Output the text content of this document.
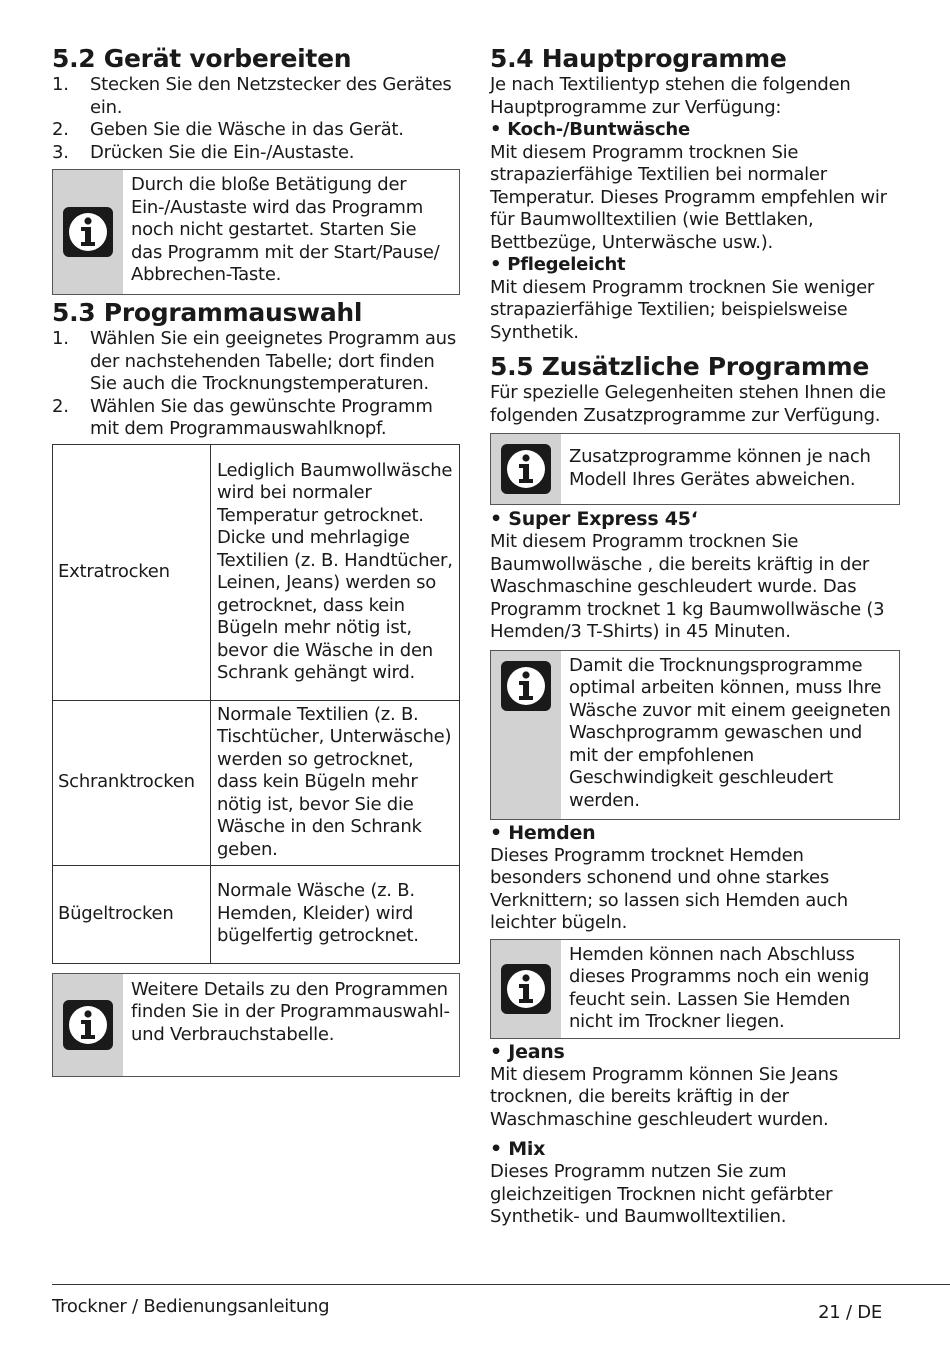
5.2 Gerät vorbereiten
1.	Stecken Sie den Netzstecker des Gerätes ein.
2.	Geben Sie die Wäsche in das Gerät.
3.	Drücken Sie die Ein-/Austaste.
Durch die bloße Betätigung der Ein-/Austaste wird das Programm noch nicht gestartet. Starten Sie das Programm mit der Start/Pause/ Abbrechen-Taste.
5.3 Programmauswahl
1.	Wählen Sie ein geeignetes Programm aus der nachstehenden Tabelle; dort finden Sie auch die Trocknungstemperaturen.
2.	Wählen Sie das gewünschte Programm mit dem Programmauswahlknopf.
Extratrocken	Lediglich Baumwollwäsche wird bei normaler Temperatur getrocknet. Dicke und mehrlagige Textilien (z. B. Handtücher, Leinen, Jeans) werden so getrocknet, dass kein Bügeln mehr nötig ist, bevor die Wäsche in den Schrank gehängt wird.
Schranktrocken	Normale Textilien (z. B. Tischtücher, Unterwäsche) werden so getrocknet, dass kein Bügeln mehr nötig ist, bevor Sie die Wäsche in den Schrank geben.
Bügeltrocken	Normale Wäsche (z. B. Hemden, Kleider) wird bügelfertig getrocknet.
Weitere Details zu den Programmen finden Sie in der Programmauswahl- und Verbrauchstabelle.
5.4 Hauptprogramme

Je nach Textilientyp stehen die folgenden Hauptprogramme zur Verfügung:

• Koch-/Buntwäsche

Mit diesem Programm trocknen Sie strapazierfähige Textilien bei normaler Temperatur. Dieses Programm empfehlen wir für Baumwolltextilien (wie Bettlaken, Bettbezüge, Unterwäsche usw.).

• Pflegeleicht

Mit diesem Programm trocknen Sie weniger strapazierfähige Textilien; beispielsweise Synthetik.

5.5 Zusätzliche Programme

Für spezielle Gelegenheiten stehen Ihnen die folgenden Zusatzprogramme zur Verfügung.

Zusatzprogramme können je nach Modell Ihres Gerätes abweichen.

• Super Express 45‘

Mit diesem Programm trocknen Sie Baumwollwäsche , die bereits kräftig in der Waschmaschine geschleudert wurde. Das Programm trocknet 1 kg Baumwollwäsche (3 Hemden/3 T-Shirts) in 45 Minuten.

Damit die Trocknungsprogramme optimal arbeiten können, muss Ihre Wäsche zuvor mit einem geeigneten Waschprogramm gewaschen und mit der empfohlenen Geschwindigkeit geschleudert werden.

• Hemden

Dieses Programm trocknet Hemden besonders schonend und ohne starkes Verknittern; so lassen sich Hemden auch leichter bügeln.

Hemden können nach Abschluss dieses Programms noch ein wenig feucht sein. Lassen Sie Hemden nicht im Trockner liegen.

• Jeans

Mit diesem Programm können Sie Jeans trocknen, die bereits kräftig in der Waschmaschine geschleudert wurden.

• Mix

Dieses Programm nutzen Sie zum gleichzeitigen Trocknen nicht gefärbter Synthetik- und Baumwolltextilien.

Trockner / Bedienungsanleitung	21 / DE
